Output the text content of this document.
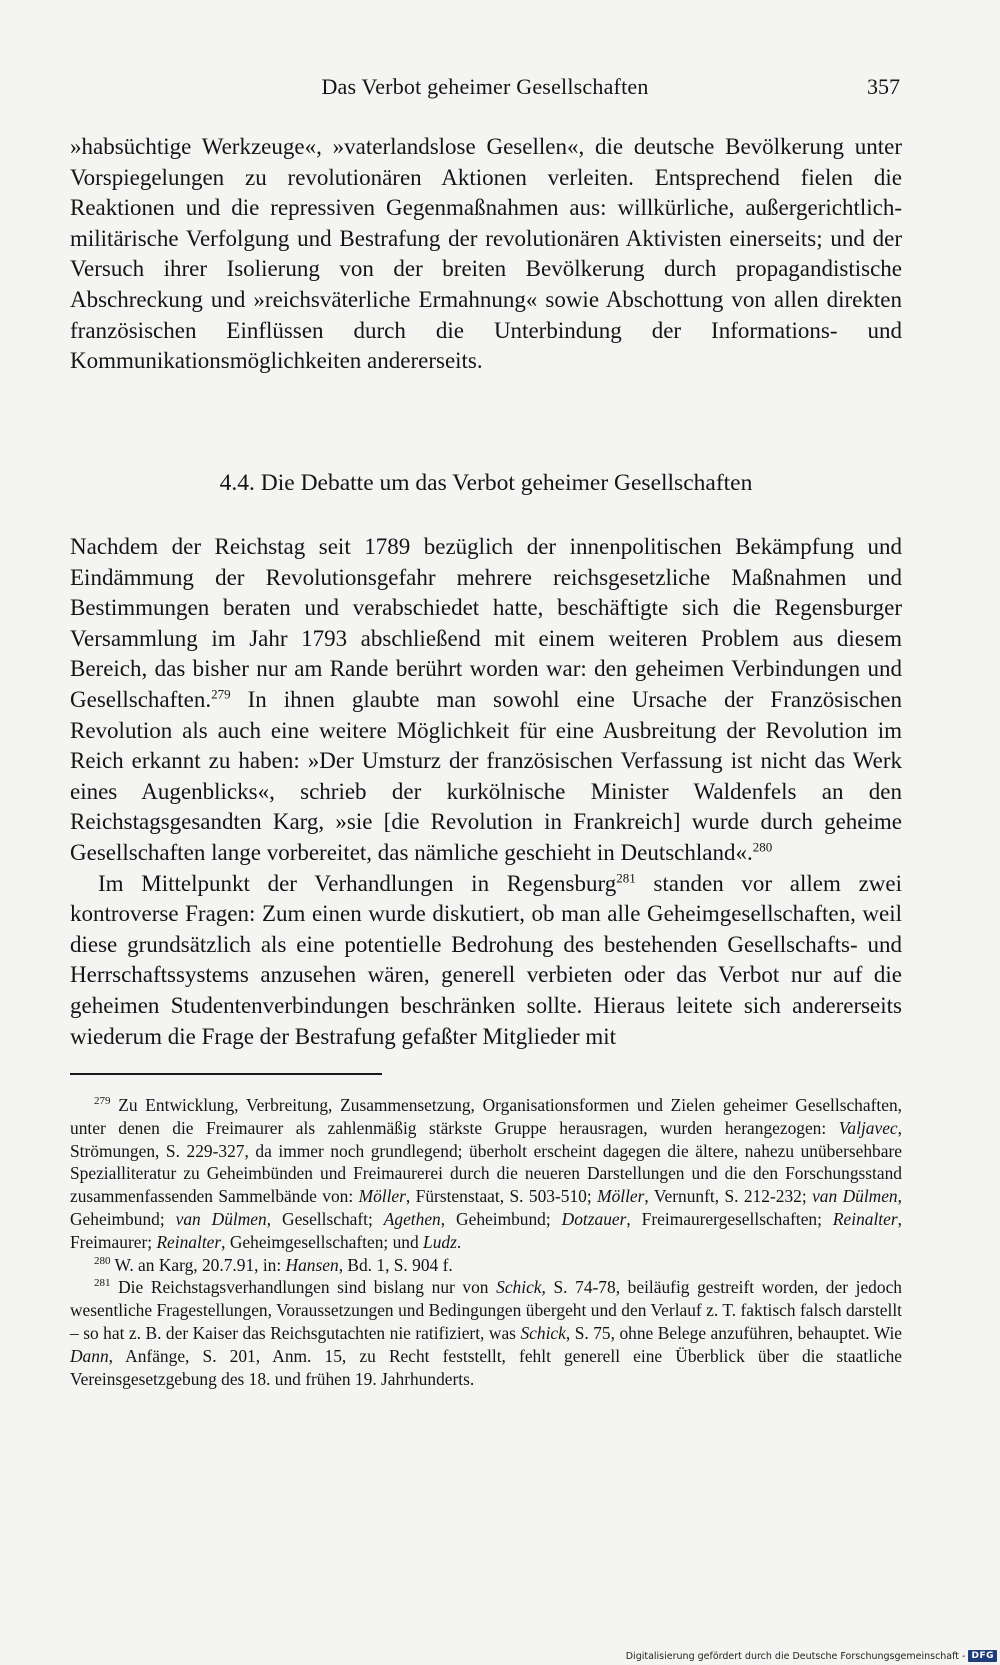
Das Verbot geheimer Gesellschaften	357

»habsüchtige Werkzeuge«, »vaterlandslose Gesellen«, die deutsche Bevölkerung unter Vorspiegelungen zu revolutionären Aktionen verleiten. Entsprechend fielen die Reaktionen und die repressiven Gegenmaßnahmen aus: willkürliche, außergerichtlich-militärische Verfolgung und Bestrafung der revolutionären Aktivisten einerseits; und der Versuch ihrer Isolierung von der breiten Bevölkerung durch propagandistische Abschreckung und »reichsväterliche Ermahnung« sowie Abschottung von allen direkten französischen Einflüssen durch die Unterbindung der Informations- und Kommunikationsmöglichkeiten andererseits.

4.4. Die Debatte um das Verbot geheimer Gesellschaften

Nachdem der Reichstag seit 1789 bezüglich der innenpolitischen Bekämpfung und Eindämmung der Revolutionsgefahr mehrere reichsgesetzliche Maßnahmen und Bestimmungen beraten und verabschiedet hatte, beschäftigte sich die Regensburger Versammlung im Jahr 1793 abschließend mit einem weiteren Problem aus diesem Bereich, das bisher nur am Rande berührt worden war: den geheimen Verbindungen und Gesellschaften.$^{279}$ In ihnen glaubte man sowohl eine Ursache der Französischen Revolution als auch eine weitere Möglichkeit für eine Ausbreitung der Revolution im Reich erkannt zu haben: »Der Umsturz der französischen Verfassung ist nicht das Werk eines Augenblicks«, schrieb der kurkölnische Minister Waldenfels an den Reichstagsgesandten Karg, »sie [die Revolution in Frankreich] wurde durch geheime Gesellschaften lange vorbereitet, das nämliche geschieht in Deutschland«.$^{280}$

Im Mittelpunkt der Verhandlungen in Regensburg$^{281}$ standen vor allem zwei kontroverse Fragen: Zum einen wurde diskutiert, ob man alle Geheimgesellschaften, weil diese grundsätzlich als eine potentielle Bedrohung des bestehenden Gesellschafts- und Herrschaftssystems anzusehen wären, generell verbieten oder das Verbot nur auf die geheimen Studentenverbindungen beschränken sollte. Hieraus leitete sich andererseits wiederum die Frage der Bestrafung gefaßter Mitglieder mit

$^{279}$ Zu Entwicklung, Verbreitung, Zusammensetzung, Organisationsformen und Zielen geheimer Gesellschaften, unter denen die Freimaurer als zahlenmäßig stärkste Gruppe herausragen, wurden herangezogen: Valjavec, Strömungen, S. 229-327, da immer noch grundlegend; überholt erscheint dagegen die ältere, nahezu unübersehbare Spezialliteratur zu Geheimbünden und Freimaurerei durch die neueren Darstellungen und die den Forschungsstand zusammenfassenden Sammelbände von: Möller, Fürstenstaat, S. 503-510; Möller, Vernunft, S. 212-232; van Dülmen, Geheimbund; van Dülmen, Gesellschaft; Agethen, Geheimbund; Dotzauer, Freimaurergesellschaften; Reinalter, Freimaurer; Reinalter, Geheimgesellschaften; und Ludz.

$^{280}$ W. an Karg, 20.7.91, in: Hansen, Bd. 1, S. 904 f.

$^{281}$ Die Reichstagsverhandlungen sind bislang nur von Schick, S. 74-78, beiläufig gestreift worden, der jedoch wesentliche Fragestellungen, Voraussetzungen und Bedingungen übergeht und den Verlauf z. T. faktisch falsch darstellt – so hat z. B. der Kaiser das Reichsgutachten nie ratifiziert, was Schick, S. 75, ohne Belege anzuführen, behauptet. Wie Dann, Anfänge, S. 201, Anm. 15, zu Recht feststellt, fehlt generell eine Überblick über die staatliche Vereinsgesetzgebung des 18. und frühen 19. Jahrhunderts.

Digitalisierung gefördert durch die Deutsche Forschungsgemeinschaft - DFG
